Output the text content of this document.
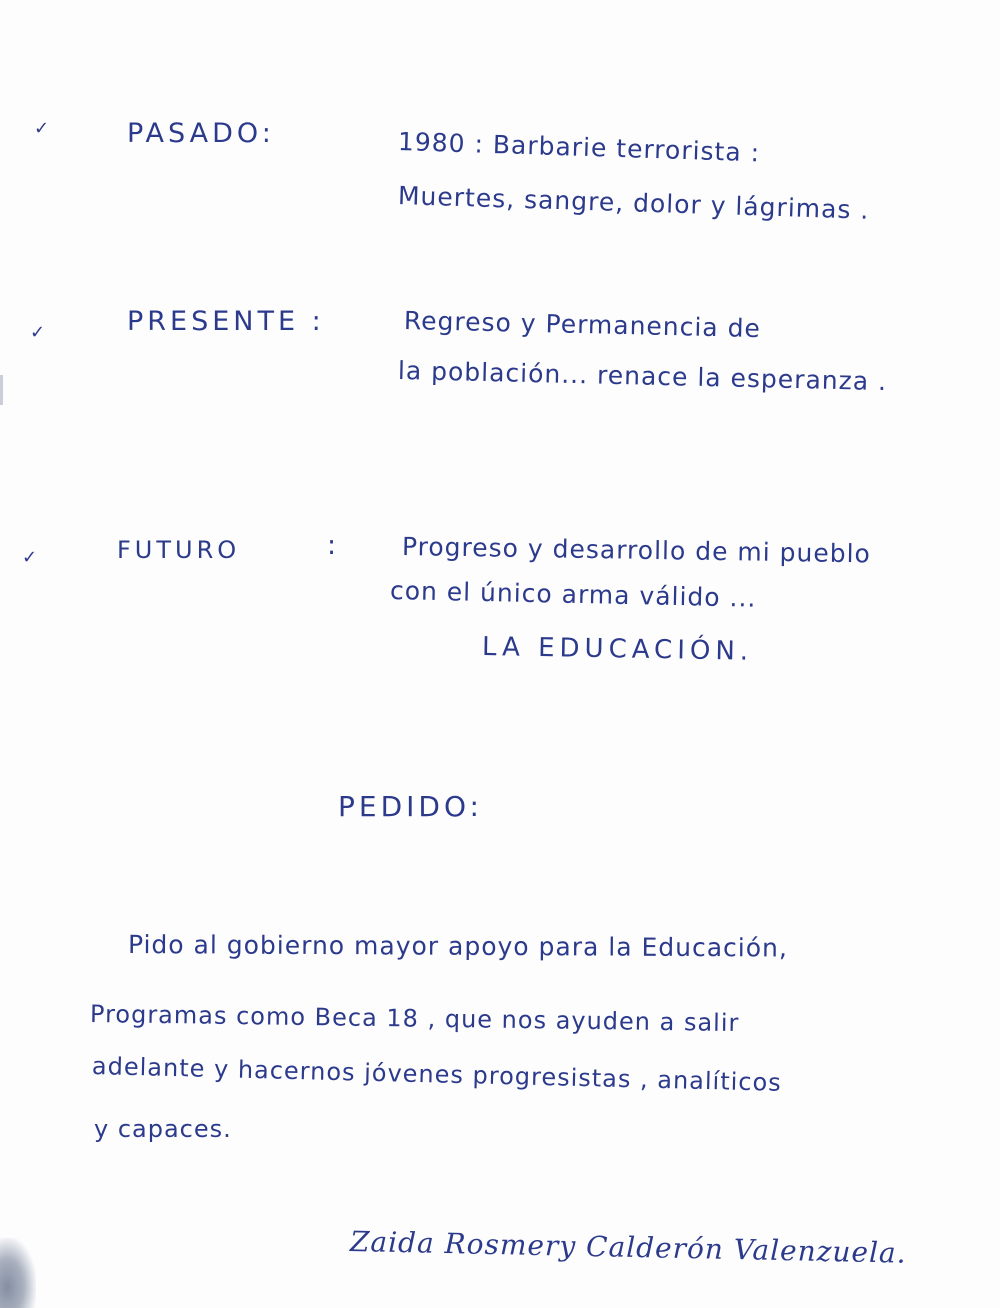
✓	PASADO:	1980 : Barbarie terrorista :
Muertes, sangre, dolor y lágrimas .
✓	PRESENTE :	Regreso y Permanencia de
la población... renace la esperanza .
✓	FUTURO	:	Progreso y desarrollo de mi pueblo
con el único arma válido ...
LA EDUCACIÓN.
PEDIDO:
Pido al gobierno mayor apoyo para la Educación,
Programas como Beca 18 , que nos ayuden a salir
adelante y hacernos jóvenes progresistas , analíticos
y capaces.
Zaida Rosmery Calderón Valenzuela.
